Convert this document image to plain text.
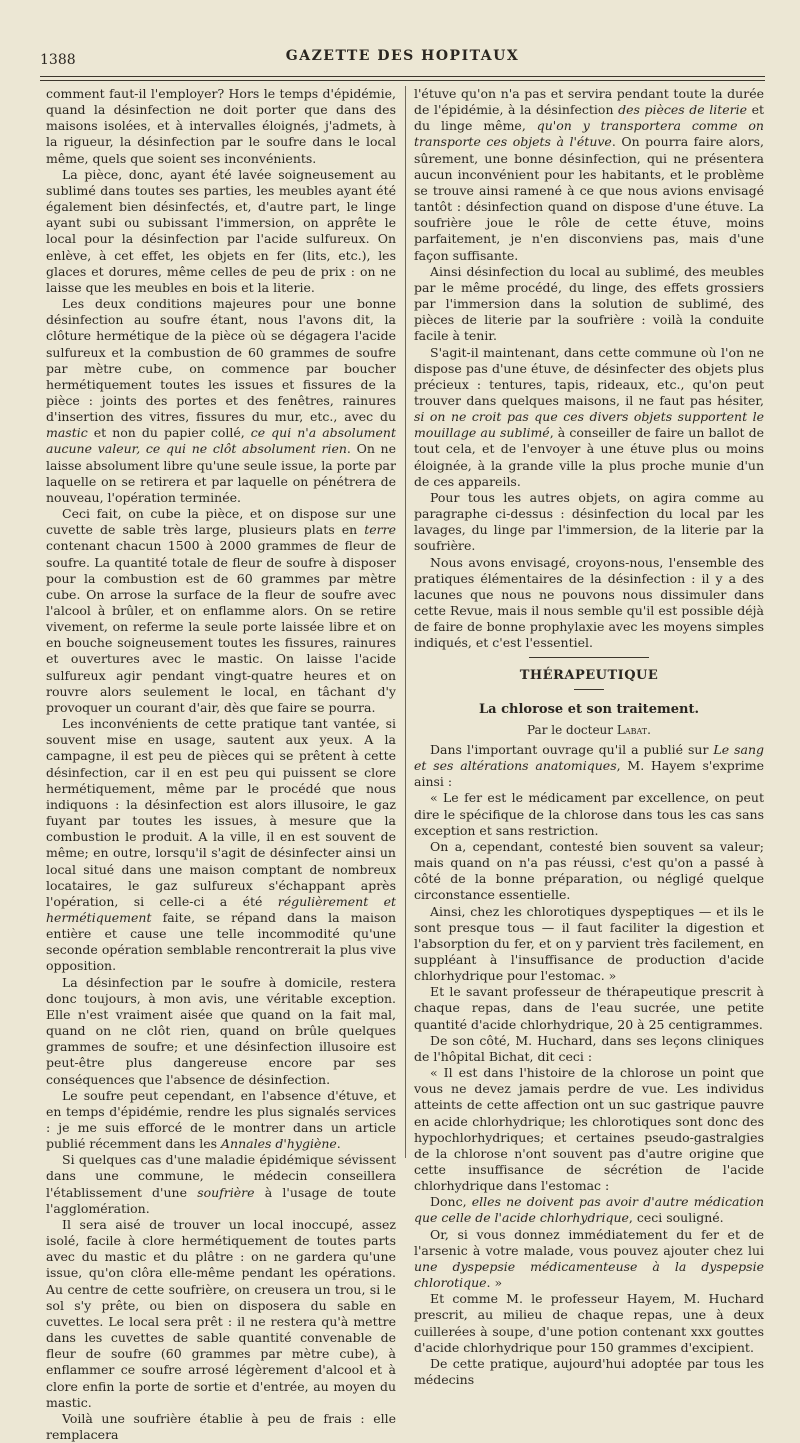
1388	GAZETTE DES HOPITAUX

comment faut-il l'employer? Hors le temps d'épidémie, quand la désinfection ne doit porter que dans des maisons isolées, et à intervalles éloignés, j'admets, à la rigueur, la désinfection par le soufre dans le local même, quels que soient ses inconvénients.

La pièce, donc, ayant été lavée soigneusement au sublimé dans toutes ses parties, les meubles ayant été également bien désinfectés, et, d'autre part, le linge ayant subi ou subissant l'immersion, on apprête le local pour la désinfection par l'acide sulfureux. On enlève, à cet effet, les objets en fer (lits, etc.), les glaces et dorures, même celles de peu de prix : on ne laisse que les meubles en bois et la literie.

Les deux conditions majeures pour une bonne désinfection au soufre étant, nous l'avons dit, la clôture hermétique de la pièce où se dégagera l'acide sulfureux et la combustion de 60 grammes de soufre par mètre cube, on commence par boucher hermétiquement toutes les issues et fissures de la pièce : joints des portes et des fenêtres, rainures d'insertion des vitres, fissures du mur, etc., avec du mastic et non du papier collé, ce qui n'a absolument aucune valeur, ce qui ne clôt absolument rien. On ne laisse absolument libre qu'une seule issue, la porte par laquelle on se retirera et par laquelle on pénétrera de nouveau, l'opération terminée.

Ceci fait, on cube la pièce, et on dispose sur une cuvette de sable très large, plusieurs plats en terre contenant chacun 1500 à 2000 grammes de fleur de soufre. La quantité totale de fleur de soufre à disposer pour la combustion est de 60 grammes par mètre cube. On arrose la surface de la fleur de soufre avec l'alcool à brûler, et on enflamme alors. On se retire vivement, on referme la seule porte laissée libre et on en bouche soigneusement toutes les fissures, rainures et ouvertures avec le mastic. On laisse l'acide sulfureux agir pendant vingt-quatre heures et on rouvre alors seulement le local, en tâchant d'y provoquer un courant d'air, dès que faire se pourra.

Les inconvénients de cette pratique tant vantée, si souvent mise en usage, sautent aux yeux. A la campagne, il est peu de pièces qui se prêtent à cette désinfection, car il en est peu qui puissent se clore hermétiquement, même par le procédé que nous indiquons : la désinfection est alors illusoire, le gaz fuyant par toutes les issues, à mesure que la combustion le produit. A la ville, il en est souvent de même; en outre, lorsqu'il s'agit de désinfecter ainsi un local situé dans une maison comptant de nombreux locataires, le gaz sulfureux s'échappant après l'opération, si celle-ci a été régulièrement et hermétiquement faite, se répand dans la maison entière et cause une telle incommodité qu'une seconde opération semblable rencontrerait la plus vive opposition.

La désinfection par le soufre à domicile, restera donc toujours, à mon avis, une véritable exception. Elle n'est vraiment aisée que quand on la fait mal, quand on ne clôt rien, quand on brûle quelques grammes de soufre; et une désinfection illusoire est peut-être plus dangereuse encore par ses conséquences que l'absence de désinfection.

Le soufre peut cependant, en l'absence d'étuve, et en temps d'épidémie, rendre les plus signalés services : je me suis efforcé de le montrer dans un article publié récemment dans les Annales d'hygiène.

Si quelques cas d'une maladie épidémique sévissent dans une commune, le médecin conseillera l'établissement d'une soufrière à l'usage de toute l'agglomération.

Il sera aisé de trouver un local inoccupé, assez isolé, facile à clore hermétiquement de toutes parts avec du mastic et du plâtre : on ne gardera qu'une issue, qu'on clôra elle-même pendant les opérations. Au centre de cette soufrière, on creusera un trou, si le sol s'y prête, ou bien on disposera du sable en cuvettes. Le local sera prêt : il ne restera qu'à mettre dans les cuvettes de sable quantité convenable de fleur de soufre (60 grammes par mètre cube), à enflammer ce soufre arrosé légèrement d'alcool et à clore enfin la porte de sortie et d'entrée, au moyen du mastic.

Voilà une soufrière établie à peu de frais : elle remplacera

l'étuve qu'on n'a pas et servira pendant toute la durée de l'épidémie, à la désinfection des pièces de literie et du linge même, qu'on y transportera comme on transporte ces objets à l'étuve. On pourra faire alors, sûrement, une bonne désinfection, qui ne présentera aucun inconvénient pour les habitants, et le problème se trouve ainsi ramené à ce que nous avions envisagé tantôt : désinfection quand on dispose d'une étuve. La soufrière joue le rôle de cette étuve, moins parfaitement, je n'en disconviens pas, mais d'une façon suffisante.

Ainsi désinfection du local au sublimé, des meubles par le même procédé, du linge, des effets grossiers par l'immersion dans la solution de sublimé, des pièces de literie par la soufrière : voilà la conduite facile à tenir.

S'agit-il maintenant, dans cette commune où l'on ne dispose pas d'une étuve, de désinfecter des objets plus précieux : tentures, tapis, rideaux, etc., qu'on peut trouver dans quelques maisons, il ne faut pas hésiter, si on ne croit pas que ces divers objets supportent le mouillage au sublimé, à conseiller de faire un ballot de tout cela, et de l'envoyer à une étuve plus ou moins éloignée, à la grande ville la plus proche munie d'un de ces appareils.

Pour tous les autres objets, on agira comme au paragraphe ci-dessus : désinfection du local par les lavages, du linge par l'immersion, de la literie par la soufrière.

Nous avons envisagé, croyons-nous, l'ensemble des pratiques élémentaires de la désinfection : il y a des lacunes que nous ne pouvons nous dissimuler dans cette Revue, mais il nous semble qu'il est possible déjà de faire de bonne prophylaxie avec les moyens simples indiqués, et c'est l'essentiel.

THÉRAPEUTIQUE
La chlorose et son traitement.
Par le docteur Labat.

Dans l'important ouvrage qu'il a publié sur Le sang et ses altérations anatomiques, M. Hayem s'exprime ainsi :

« Le fer est le médicament par excellence, on peut dire le spécifique de la chlorose dans tous les cas sans exception et sans restriction.

On a, cependant, contesté bien souvent sa valeur; mais quand on n'a pas réussi, c'est qu'on a passé à côté de la bonne préparation, ou négligé quelque circonstance essentielle.

Ainsi, chez les chlorotiques dyspeptiques — et ils le sont presque tous — il faut faciliter la digestion et l'absorption du fer, et on y parvient très facilement, en suppléant à l'insuffisance de production d'acide chlorhydrique pour l'estomac. »

Et le savant professeur de thérapeutique prescrit à chaque repas, dans de l'eau sucrée, une petite quantité d'acide chlorhydrique, 20 à 25 centigrammes.

De son côté, M. Huchard, dans ses leçons cliniques de l'hôpital Bichat, dit ceci :

« Il est dans l'histoire de la chlorose un point que vous ne devez jamais perdre de vue. Les individus atteints de cette affection ont un suc gastrique pauvre en acide chlorhydrique; les chlorotiques sont donc des hypochlorhydriques; et certaines pseudo-gastralgies de la chlorose n'ont souvent pas d'autre origine que cette insuffisance de sécrétion de l'acide chlorhydrique dans l'estomac :

Donc, elles ne doivent pas avoir d'autre médication que celle de l'acide chlorhydrique, ceci souligné.

Or, si vous donnez immédiatement du fer et de l'arsenic à votre malade, vous pouvez ajouter chez lui une dyspepsie médicamenteuse à la dyspepsie chlorotique. »

Et comme M. le professeur Hayem, M. Huchard prescrit, au milieu de chaque repas, une à deux cuillerées à soupe, d'une potion contenant xxx gouttes d'acide chlorhydrique pour 150 grammes d'excipient.

De cette pratique, aujourd'hui adoptée par tous les médecins
